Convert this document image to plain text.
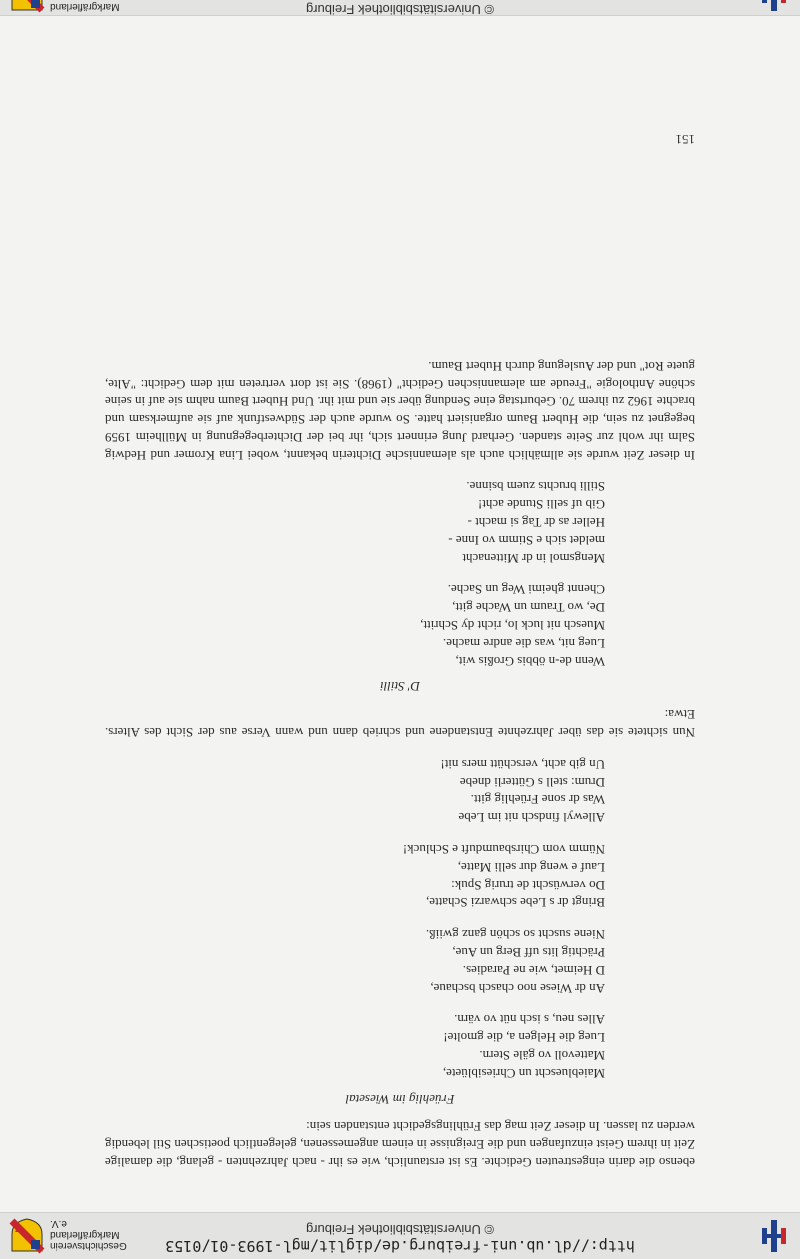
http://dl.ub.uni-freiburg.de/diglit/mgl-1993-01/0153
© Universitätsbibliothek Freiburg
Geschichtsverein
Markgräflerland e.V.

ebenso die darin eingestreuten Gedichte. Es ist erstaunlich, wie es ihr - nach Jahrzehnten - gelang, die damalige Zeit in ihrem Geist einzufangen und die Ereignisse in einem angemessenen, gelegentlich poetischen Stil lebendig werden zu lassen. In dieser Zeit mag das Frühlingsgedicht entstanden sein:

Früehlig im Wiesetal
Maiebluescht un Chriesiblüete,
Mattevoll vo gäle Stern.
Lueg die Helgen a, die gmolte!
Alles neu, s isch nüt vo värn.
An dr Wiese noo chasch bschaue,
D Heimet, wie ne Paradies.
Prächtig lits uff Berg un Aue,
Niene suscht so schön ganz gwiiß.
Bringt dr s Lebe schwarzi Schatte,
Do verwüscht de trurig Spuk:
Lauf e weng dur selli Matte,
Nümm vom Chirsbaumduft e Schluck!
Allewyl findsch nit im Lebe
Was dr sone Früehlig gitt.
Drum: stell s Gütterli dnebe
Un gib acht, verschütt mers nit!

Nun sichtete sie das über Jahrzehnte Entstandene und schrieb dann und wann Verse aus der Sicht des Alters. Etwa:

D' Stilli
Wenn de-n öbbis Großis wit,
Lueg nit, was die andre mache.
Muesch nit luck lo, richt dy Schritt,
De, wo Traum un Wache gitt,
Chennt gheimi Weg un Sache.
Mengsmol in dr Mittenacht
meldet sich e Stimm vo Inne -
Heller as dr Tag si macht -
Gib uf selli Stunde acht!
Stilli bruchts zuem bsinne.

In dieser Zeit wurde sie allmählich auch als alemannische Dichterin bekannt, wobei Lina Kromer und Hedwig Salm ihr wohl zur Seite standen. Gerhard Jung erinnert sich, ihr bei der Dichterbegegnung in Müllheim 1959 begegnet zu sein, die Hubert Baum organisiert hatte. So wurde auch der Südwestfunk auf sie aufmerksam und brachte 1962 zu ihrem 70. Geburtstag eine Sendung über sie und mit ihr. Und Hubert Baum nahm sie auf in seine schöne Anthologie "Freude am alemannischen Gedicht" (1968). Sie ist dort vertreten mit dem Gedicht: "Alte, guete Rot" und der Auslegung durch Hubert Baum.

151
© Universitätsbibliothek Freiburg
Markgräflerland
